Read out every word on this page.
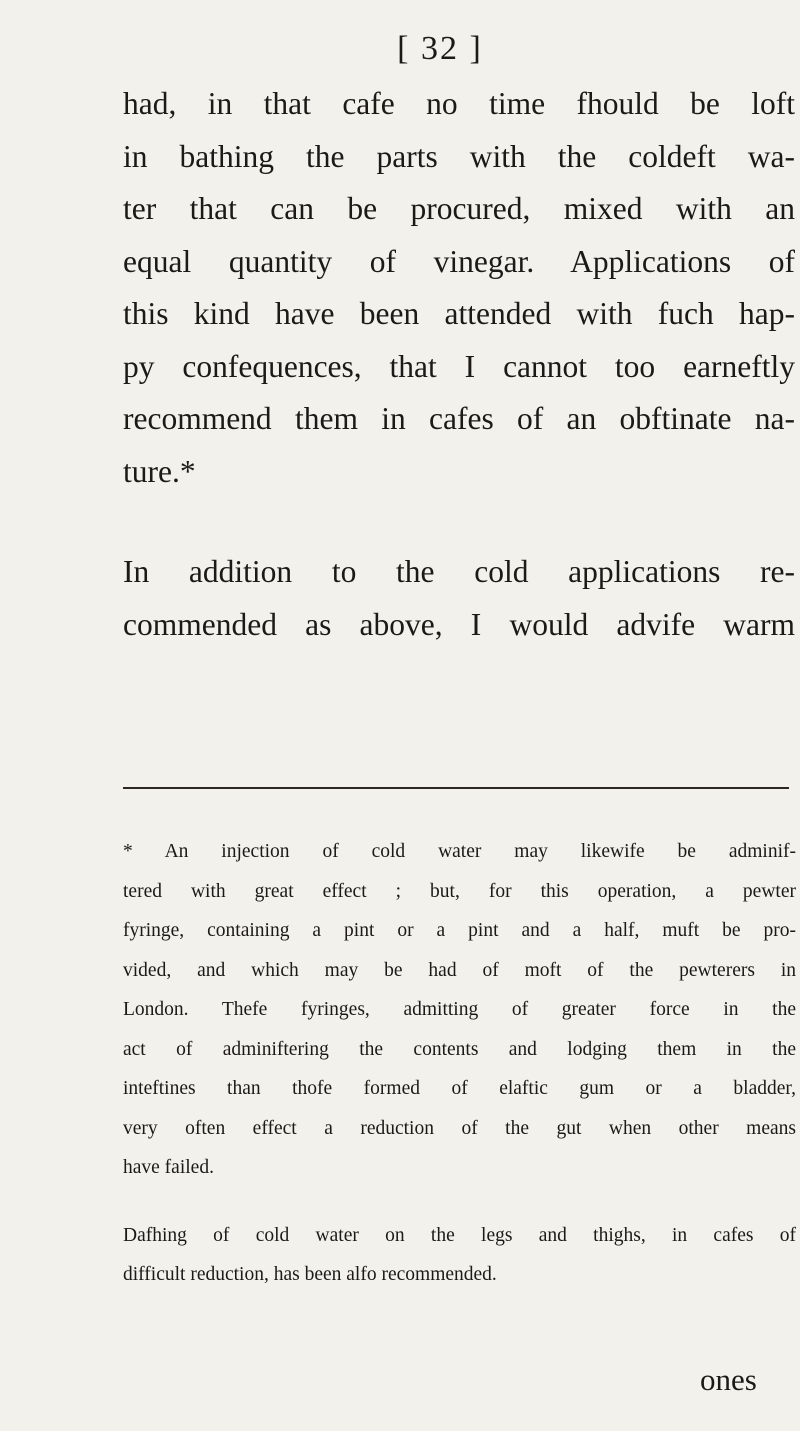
[ 32 ]

had, in that cafe no time fhould be loft
in bathing the parts with the coldeft wa-
ter that can be procured, mixed with an
equal quantity of vinegar. Applications of
this kind have been attended with fuch hap-
py confequences, that I cannot too earneftly
recommend them in cafes of an obftinate na-
ture.*

In addition to the cold applications re-
commended as above, I would advife warm

* An injection of cold water may likewife be adminif-
tered with great effect ; but, for this operation, a pewter
fyringe, containing a pint or a pint and a half, muft be pro-
vided, and which may be had of moft of the pewterers in
London. Thefe fyringes, admitting of greater force in the
act of adminiftering the contents and lodging them in the
inteftines than thofe formed of elaftic gum or a bladder,
very often effect a reduction of the gut when other means
have failed.

Dafhing of cold water on the legs and thighs, in cafes of
difficult reduction, has been alfo recommended.

ones
